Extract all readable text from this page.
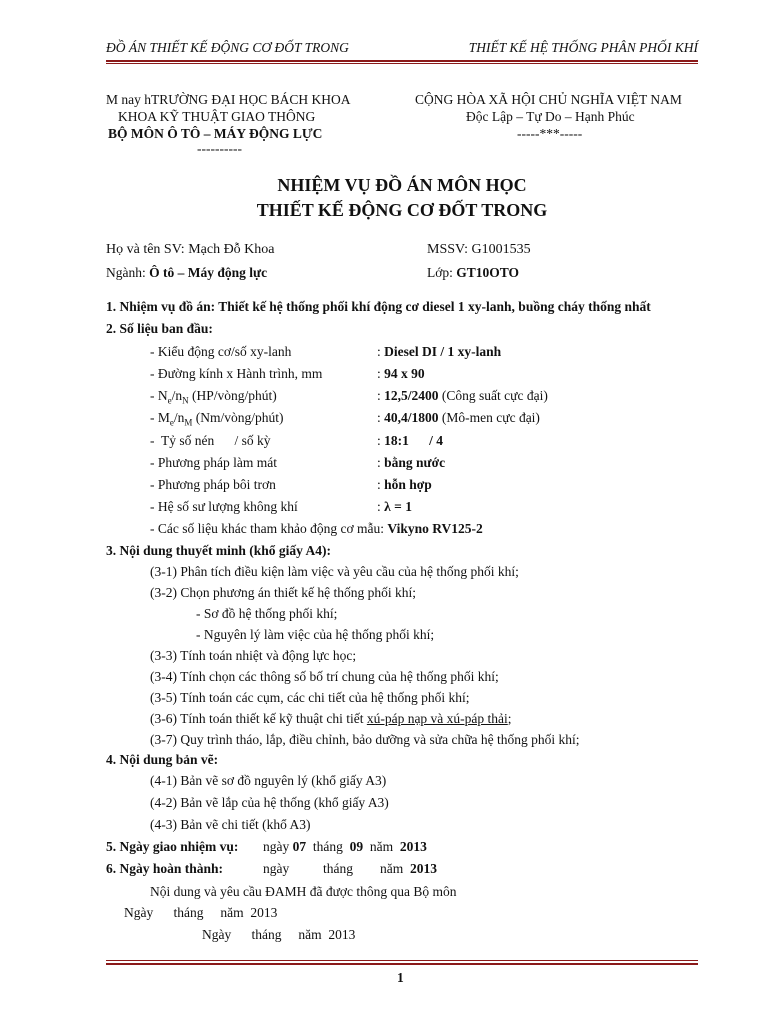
ĐỒ ÁN THIẾT KẾ ĐỘNG CƠ ĐỐT TRONG	THIẾT KẾ HỆ THỐNG PHÂN PHỐI KHÍ
M nay hTRƯỜNG ĐẠI HỌC BÁCH KHOA
KHOA KỸ THUẬT GIAO THÔNG
BỘ MÔN Ô TÔ – MÁY ĐỘNG LỰC
----------
CỘNG HÒA XÃ HỘI CHỦ NGHĨA VIỆT NAM
Độc Lập – Tự Do – Hạnh Phúc
-----***-----
NHIỆM VỤ ĐỒ ÁN MÔN HỌC
THIẾT KẾ ĐỘNG CƠ ĐỐT TRONG
Họ và tên SV: Mạch Đỗ Khoa	MSSV: G1001535
Ngành: Ô tô – Máy động lực	Lớp: GT10OTO
1. Nhiệm vụ đồ án: Thiết kế hệ thống phối khí động cơ diesel 1 xy-lanh, buồng cháy thống nhất
2. Số liệu ban đầu:
- Kiểu động cơ/số xy-lanh	: Diesel DI / 1 xy-lanh
- Đường kính x Hành trình, mm	: 94 x 90
- $N_e/n_N$ (HP/vòng/phút)	: 12,5/2400 (Công suất cực đại)
- $M_e/n_M$ (Nm/vòng/phút)	: 40,4/1800 (Mô-men cực đại)
-  Tỷ số nén      / số kỳ	: 18:1      / 4
- Phương pháp làm mát	: bằng nước
- Phương pháp bôi trơn	: hỗn hợp
- Hệ số sư lượng không khí	: λ = 1
- Các số liệu khác tham khảo động cơ mẫu: Vikyno RV125-2
3. Nội dung thuyết minh (khổ giấy A4):
(3-1) Phân tích điều kiện làm việc và yêu cầu của hệ thống phối khí;
(3-2) Chọn phương án thiết kế hệ thống phối khí;
- Sơ đồ hệ thống phối khí;
- Nguyên lý làm việc của hệ thống phối khí;
(3-3) Tính toán nhiệt và động lực học;
(3-4) Tính chọn các thông số bố trí chung của hệ thống phối khí;
(3-5) Tính toán các cụm, các chi tiết của hệ thống phối khí;
(3-6) Tính toán thiết kế kỹ thuật chi tiết xú-páp nạp và xú-páp thải;
(3-7) Quy trình tháo, lắp, điều chỉnh, bảo dưỡng và sửa chữa hệ thống phối khí;
4. Nội dung bản vẽ:
(4-1) Bản vẽ sơ đồ nguyên lý (khổ giấy A3)
(4-2) Bản vẽ lắp của hệ thống (khổ giấy A3)
(4-3) Bản vẽ chi tiết (khổ A3)
5. Ngày giao nhiệm vụ: ngày 07 tháng 09 năm 2013
6. Ngày hoàn thành:	ngày	tháng năm 2013
Nội dung và yêu cầu ĐAMH đã được thông qua Bộ môn
Ngày      tháng     năm  2013
Ngày      tháng     năm  2013
1
